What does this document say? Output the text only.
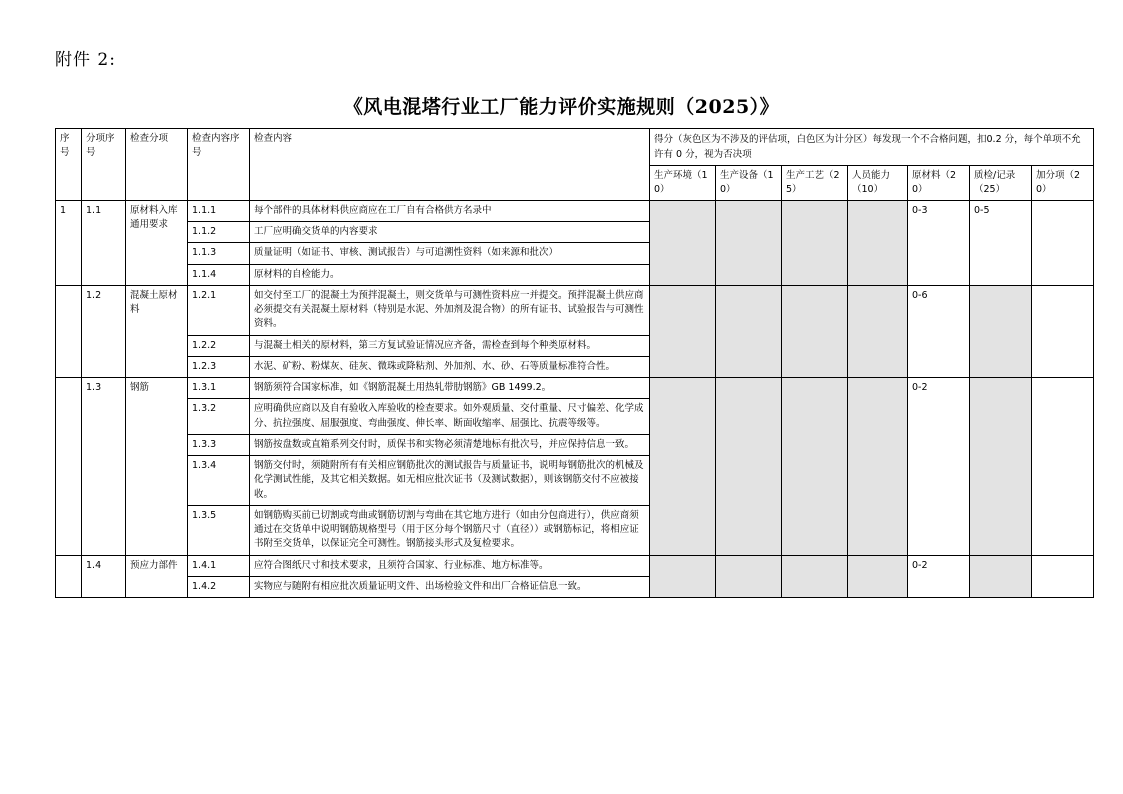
附件 2:
《风电混塔行业工厂能力评价实施规则（2025）》
序号	分项序号	检查分项	检查内容序号	检查内容	得分（灰色区为不涉及的评估项，白色区为计分区）每发现一个不合格问题，扣0.2 分，每个单项不允许有 0 分，视为否决项						
					生产环境（10）	生产设备（10）	生产工艺（25）	人员能力（10）	原材料（20）	质检/记录（25）	加分项（20）
1	1.1	原材料入库通用要求	1.1.1	每个部件的具体材料供应商应在工厂自有合格供方名录中					0-3	0-5	
			1.1.2	工厂应明确交货单的内容要求							
			1.1.3	质量证明（如证书、审核、测试报告）与可追溯性资料（如来源和批次）							
			1.1.4	原材料的自检能力。							
	1.2	混凝土原材料	1.2.1	如交付至工厂的混凝土为预拌混凝土，则交货单与可测性资料应一并提交。预拌混凝土供应商必须提交有关混凝土原材料（特别是水泥、外加剂及混合物）的所有证书、试验报告与可测性资料。					0-6		
			1.2.2	与混凝土相关的原材料，第三方复试验证情况应齐备，需检查到每个种类原材料。							
			1.2.3	水泥、矿粉、粉煤灰、硅灰、微珠或降粘剂、外加剂、水、砂、石等质量标准符合性。							
	1.3	钢筋	1.3.1	钢筋须符合国家标准，如《钢筋混凝土用热轧带肋钢筋》GB 1499.2。					0-2		
			1.3.2	应明确供应商以及自有验收入库验收的检查要求。如外观质量、交付重量、尺寸偏差、化学成分、抗拉强度、屈服强度、弯曲强度、伸长率、断面收缩率、屈强比、抗震等级等。							
			1.3.3	钢筋按盘数或直箱系列交付时，质保书和实物必须清楚地标有批次号，并应保持信息一致。							
			1.3.4	钢筋交付时，须随附所有有关相应钢筋批次的测试报告与质量证书，说明每钢筋批次的机械及化学测试性能，及其它相关数据。如无相应批次证书（及测试数据），则该钢筋交付不应被接收。							
			1.3.5	如钢筋购买前已切割或弯曲或钢筋切割与弯曲在其它地方进行（如由分包商进行），供应商须通过在交货单中说明钢筋规格型号（用于区分每个钢筋尺寸（直径））或钢筋标记，将相应证书附至交货单，以保证完全可测性。钢筋接头形式及复检要求。							
	1.4	预应力部件	1.4.1	应符合图纸尺寸和技术要求，且须符合国家、行业标准、地方标准等。					0-2		
			1.4.2	实物应与随附有相应批次质量证明文件、出场检验文件和出厂合格证信息一致。							
